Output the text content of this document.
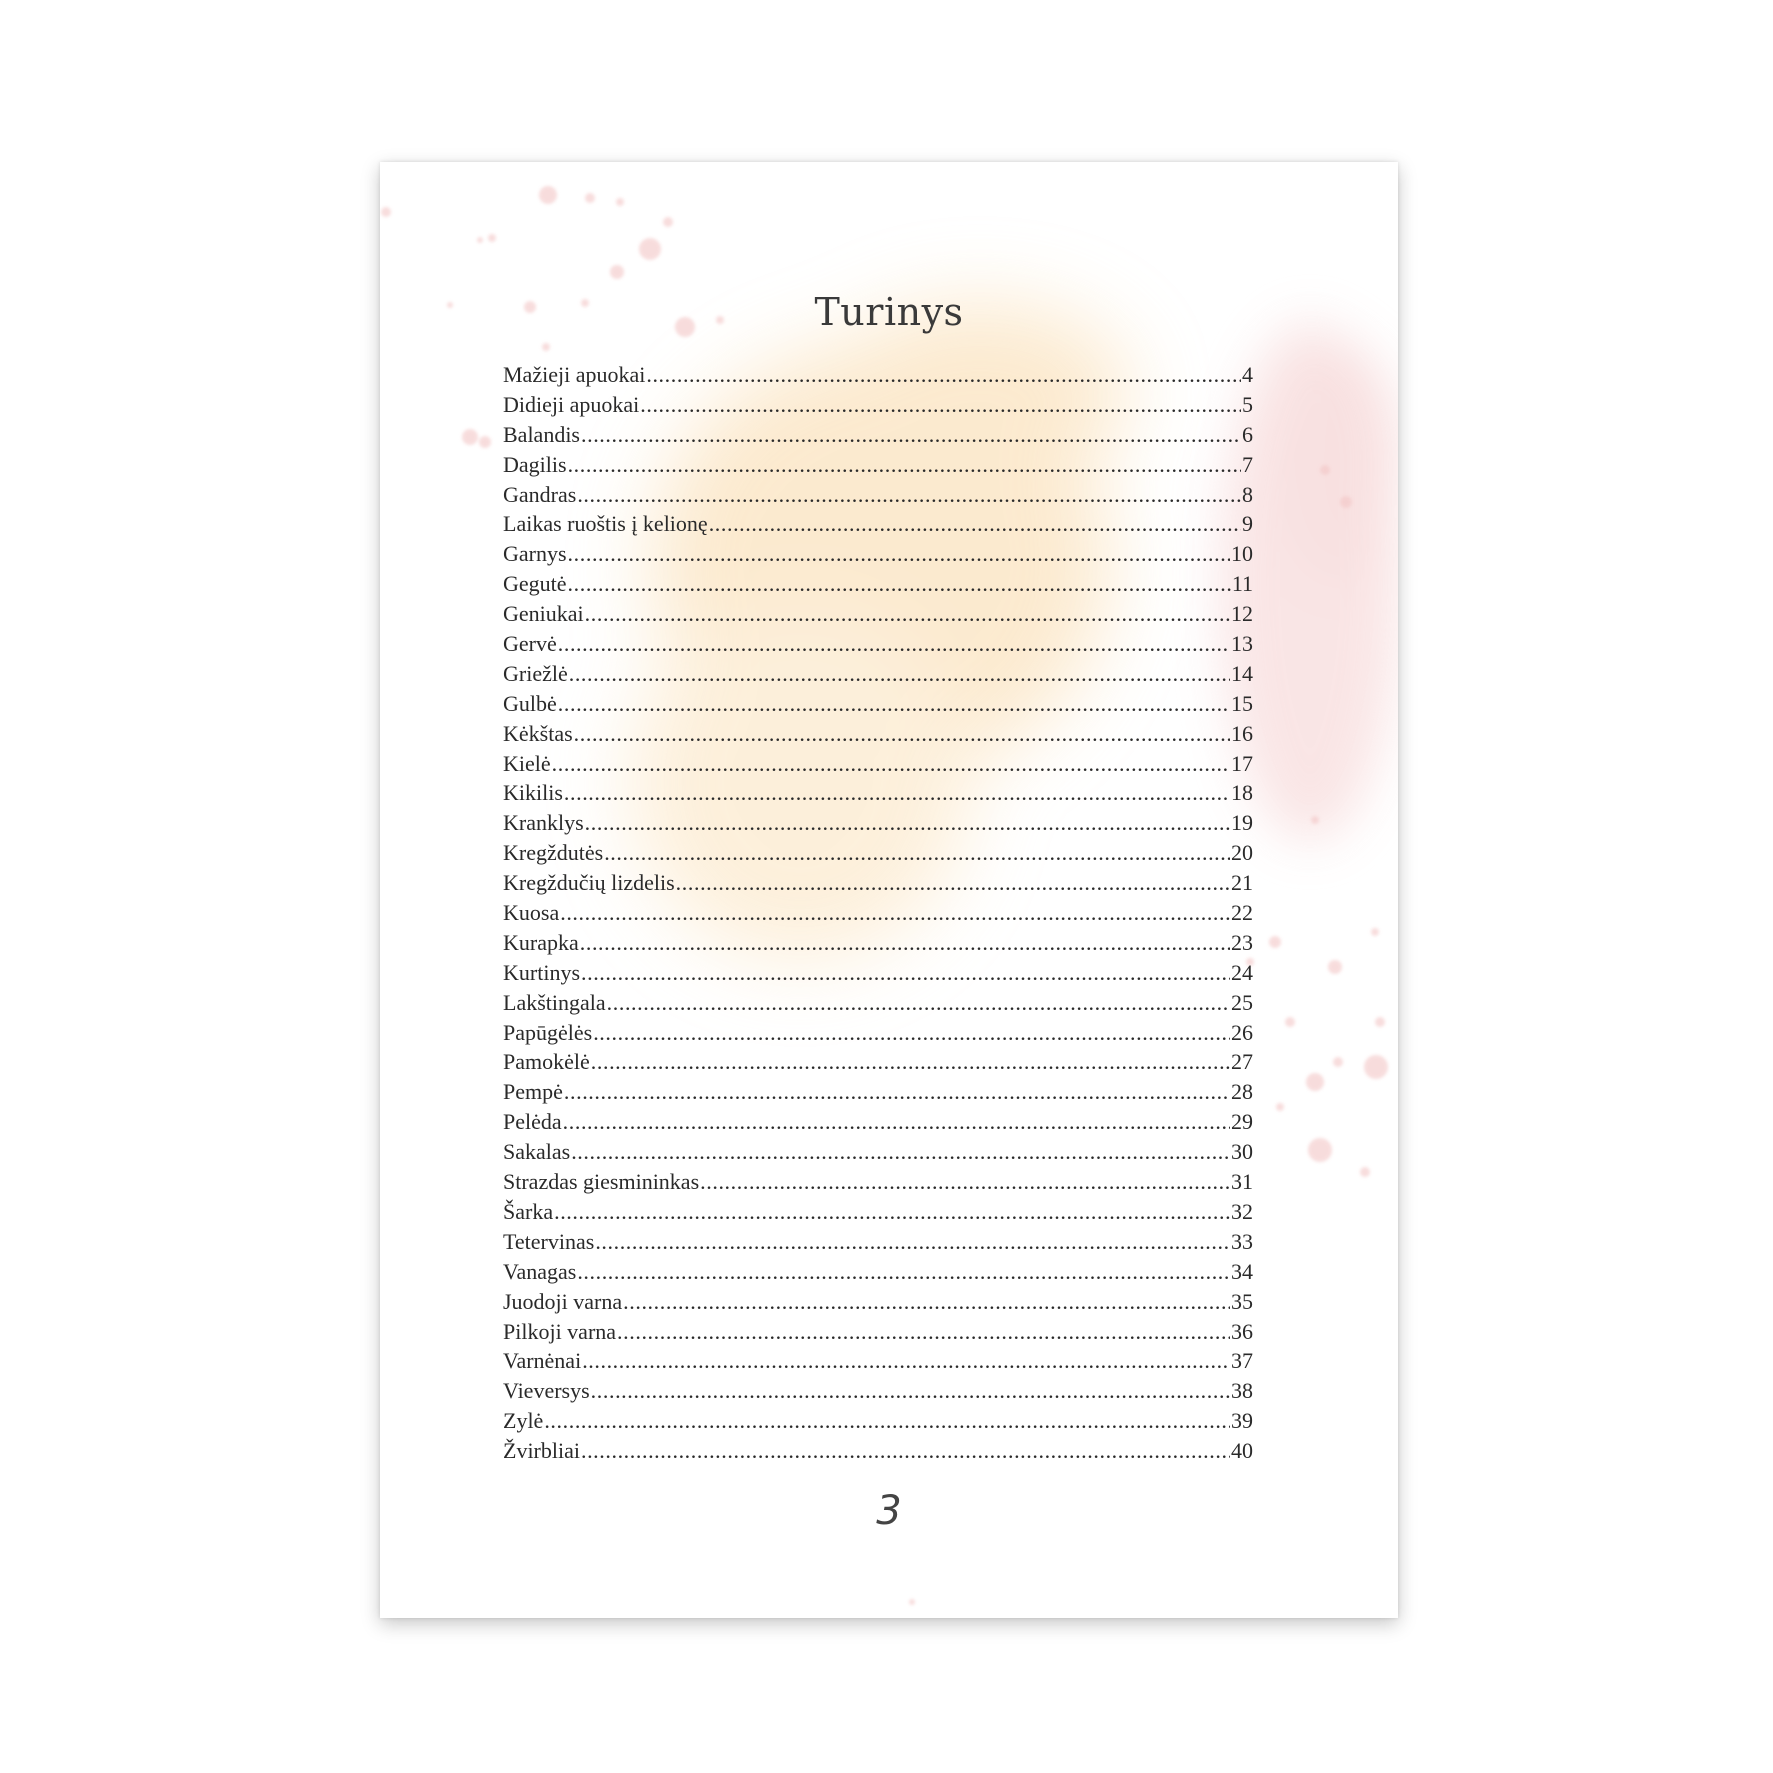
Turinys
Mažieji apuokai .....	4
Didieji apuokai .....	5
Balandis .....	6
Dagilis .....	7
Gandras .....	8
Laikas ruoštis į kelionę .....	9
Garnys .....	10
Gegutė .....	11
Geniukai .....	12
Gervė .....	13
Griežlė .....	14
Gulbė .....	15
Kėkštas .....	16
Kielė .....	17
Kikilis .....	18
Kranklys .....	19
Kregždutės .....	20
Kregždučių lizdelis .....	21
Kuosa .....	22
Kurapka .....	23
Kurtinys .....	24
Lakštingala .....	25
Papūgėlės .....	26
Pamokėlė .....	27
Pempė .....	28
Pelėda .....	29
Sakalas .....	30
Strazdas giesmininkas .....	31
Šarka .....	32
Tetervinas .....	33
Vanagas .....	34
Juodoji varna .....	35
Pilkoji varna .....	36
Varnėnai .....	37
Vieversys .....	38
Zylė .....	39
Žvirbliai .....	40
3
